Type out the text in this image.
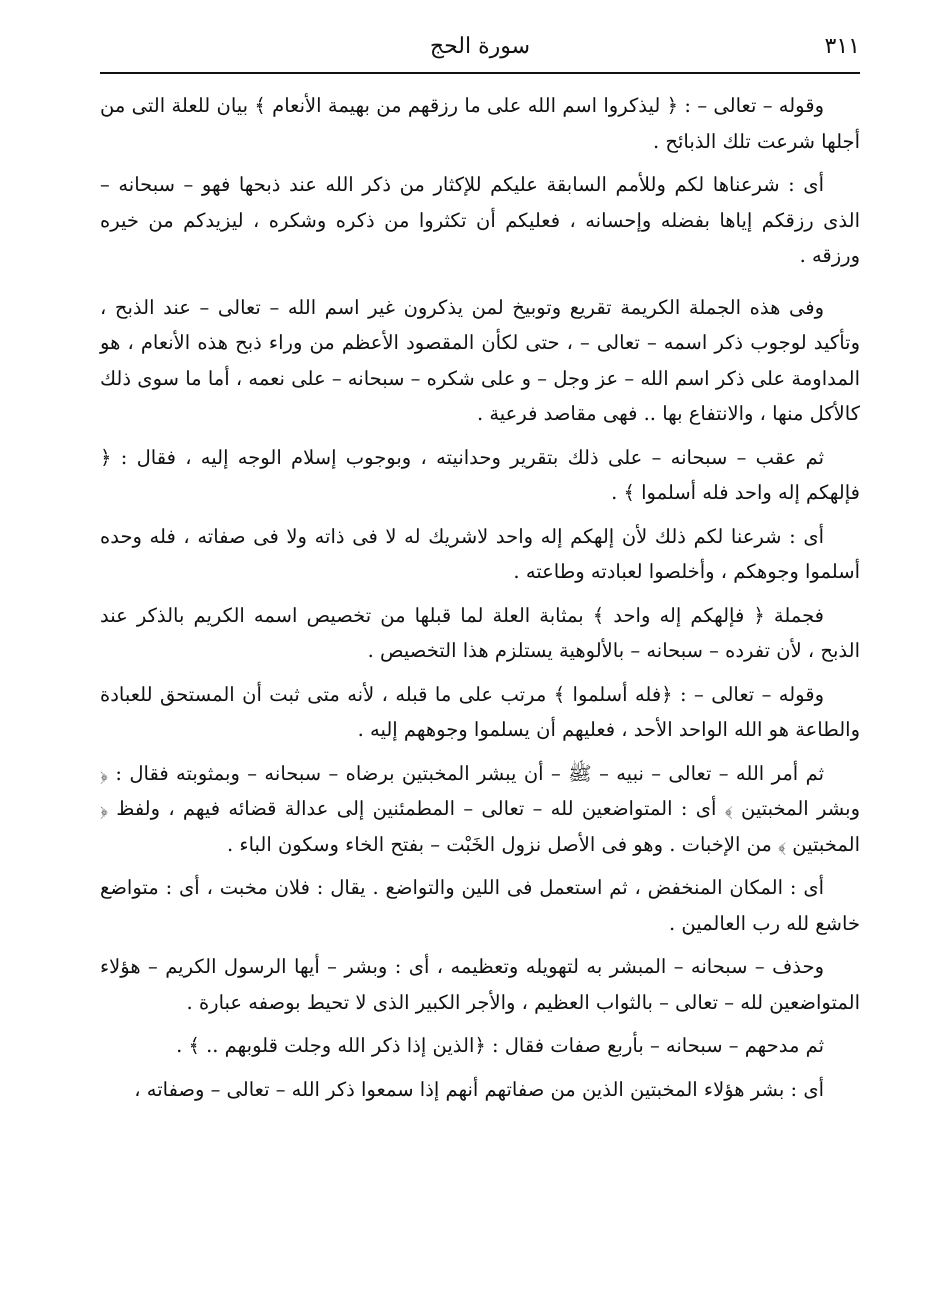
٣١١
سورة الحج

وقوله – تعالى – : ﴿ ليذكروا اسم الله على ما رزقهم من بهيمة الأنعام ﴾ بيان للعلة التى من أجلها شرعت تلك الذبائح .

أى : شرعناها لكم وللأمم السابقة عليكم للإكثار من ذكر الله عند ذبحها فهو – سبحانه – الذى رزقكم إياها بفضله وإحسانه ، فعليكم أن تكثروا من ذكره وشكره ، ليزيدكم من خيره ورزقه .

وفى هذه الجملة الكريمة تقريع وتوبيخ لمن يذكرون غير اسم الله – تعالى – عند الذبح ، وتأكيد لوجوب ذكر اسمه – تعالى – ، حتى لكأن المقصود الأعظم من وراء ذبح هذه الأنعام ، هو المداومة على ذكر اسم الله – عز وجل – و على شكره – سبحانه – على نعمه ، أما ما سوى ذلك كالأكل منها ، والانتفاع بها .. فهى مقاصد فرعية .

ثم عقب – سبحانه – على ذلك بتقرير وحدانيته ، وبوجوب إسلام الوجه إليه ، فقال : ﴿ فإلهكم إله واحد فله أسلموا ﴾ .

أى : شرعنا لكم ذلك لأن إلهكم إله واحد لاشريك له لا فى ذاته ولا فى صفاته ، فله وحده أسلموا وجوهكم ، وأخلصوا لعبادته وطاعته .

فجملة ﴿ فإلهكم إله واحد ﴾ بمثابة العلة لما قبلها من تخصيص اسمه الكريم بالذكر عند الذبح ، لأن تفرده – سبحانه – بالألوهية يستلزم هذا التخصيص .

وقوله – تعالى – : ﴿فله أسلموا ﴾ مرتب على ما قبله ، لأنه متى ثبت أن المستحق للعبادة والطاعة هو الله الواحد الأحد ، فعليهم أن يسلموا وجوههم إليه .

ثم أمر الله – تعالى – نبيه – ﷺ – أن يبشر المخبتين برضاه – سبحانه – وبمثوبته فقال : ﴿ وبشر المخبتين ﴾ أى : المتواضعين لله – تعالى – المطمئنين إلى عدالة قضائه فيهم ، ولفظ ﴿ المخبتين ﴾ من الإخبات . وهو فى الأصل نزول الخَبْت – بفتح الخاء وسكون الباء .

أى : المكان المنخفض ، ثم استعمل فى اللين والتواضع . يقال : فلان مخبت ، أى : متواضع خاشع لله رب العالمين .

وحذف – سبحانه – المبشر به لتهويله وتعظيمه ، أى : وبشر – أيها الرسول الكريم – هؤلاء المتواضعين لله – تعالى – بالثواب العظيم ، والأجر الكبير الذى لا تحيط بوصفه عبارة .

ثم مدحهم – سبحانه – بأربع صفات فقال : ﴿الذين إذا ذكر الله وجلت قلوبهم .. ﴾ .

أى : بشر هؤلاء المخبتين الذين من صفاتهم أنهم إذا سمعوا ذكر الله – تعالى – وصفاته ،
